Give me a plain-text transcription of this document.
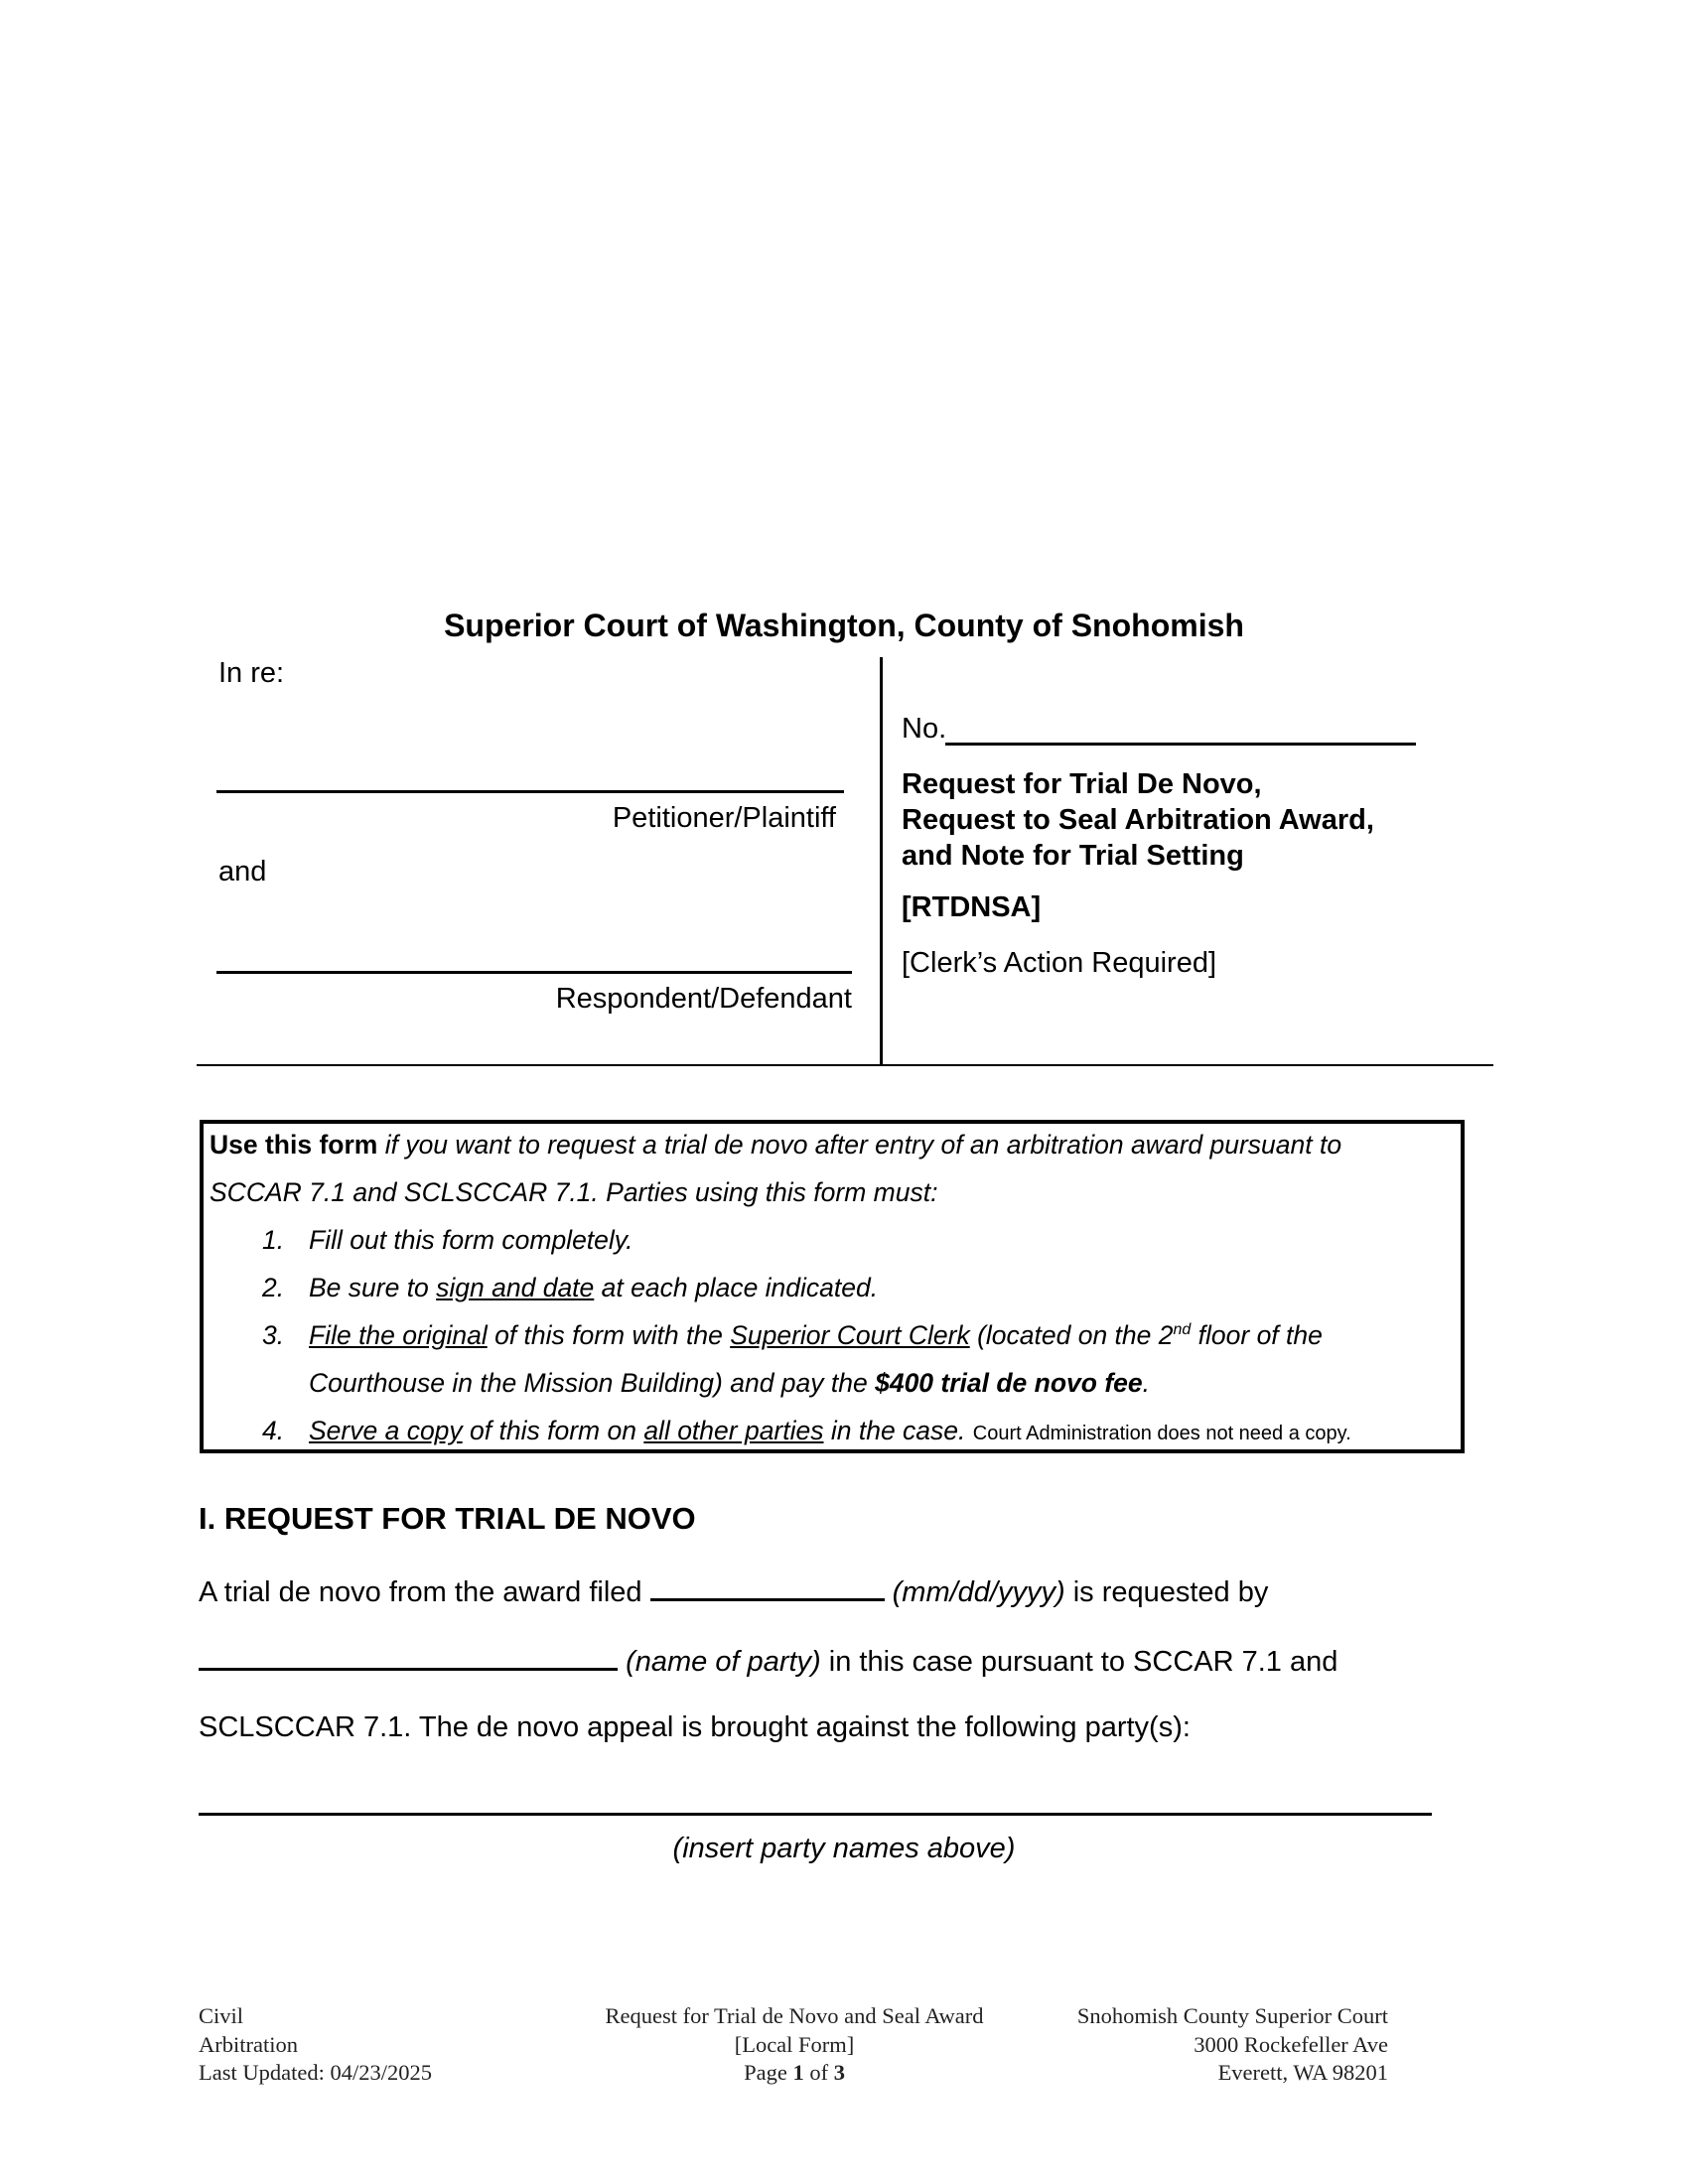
Superior Court of Washington, County of Snohomish
In re:
Petitioner/Plaintiff
and
Respondent/Defendant
No.
Request for Trial De Novo,
Request to Seal Arbitration Award,
and Note for Trial Setting
[RTDNSA]
[Clerk’s Action Required]
Use this form if you want to request a trial de novo after entry of an arbitration award pursuant to
SCCAR 7.1 and SCLSCCAR 7.1. Parties using this form must:
1. Fill out this form completely.
2. Be sure to sign and date at each place indicated.
3. File the original of this form with the Superior Court Clerk (located on the 2nd floor of the
Courthouse in the Mission Building) and pay the $400 trial de novo fee.
4. Serve a copy of this form on all other parties in the case. Court Administration does not need a copy.
I. REQUEST FOR TRIAL DE NOVO
A trial de novo from the award filed	(mm/dd/yyyy) is requested by
(name of party) in this case pursuant to SCCAR 7.1 and
SCLSCCAR 7.1. The de novo appeal is brought against the following party(s):
(insert party names above)
Civil
Arbitration
Last Updated: 04/23/2025
Request for Trial de Novo and Seal Award
[Local Form]
Page 1 of 3
Snohomish County Superior Court
3000 Rockefeller Ave
Everett, WA 98201
